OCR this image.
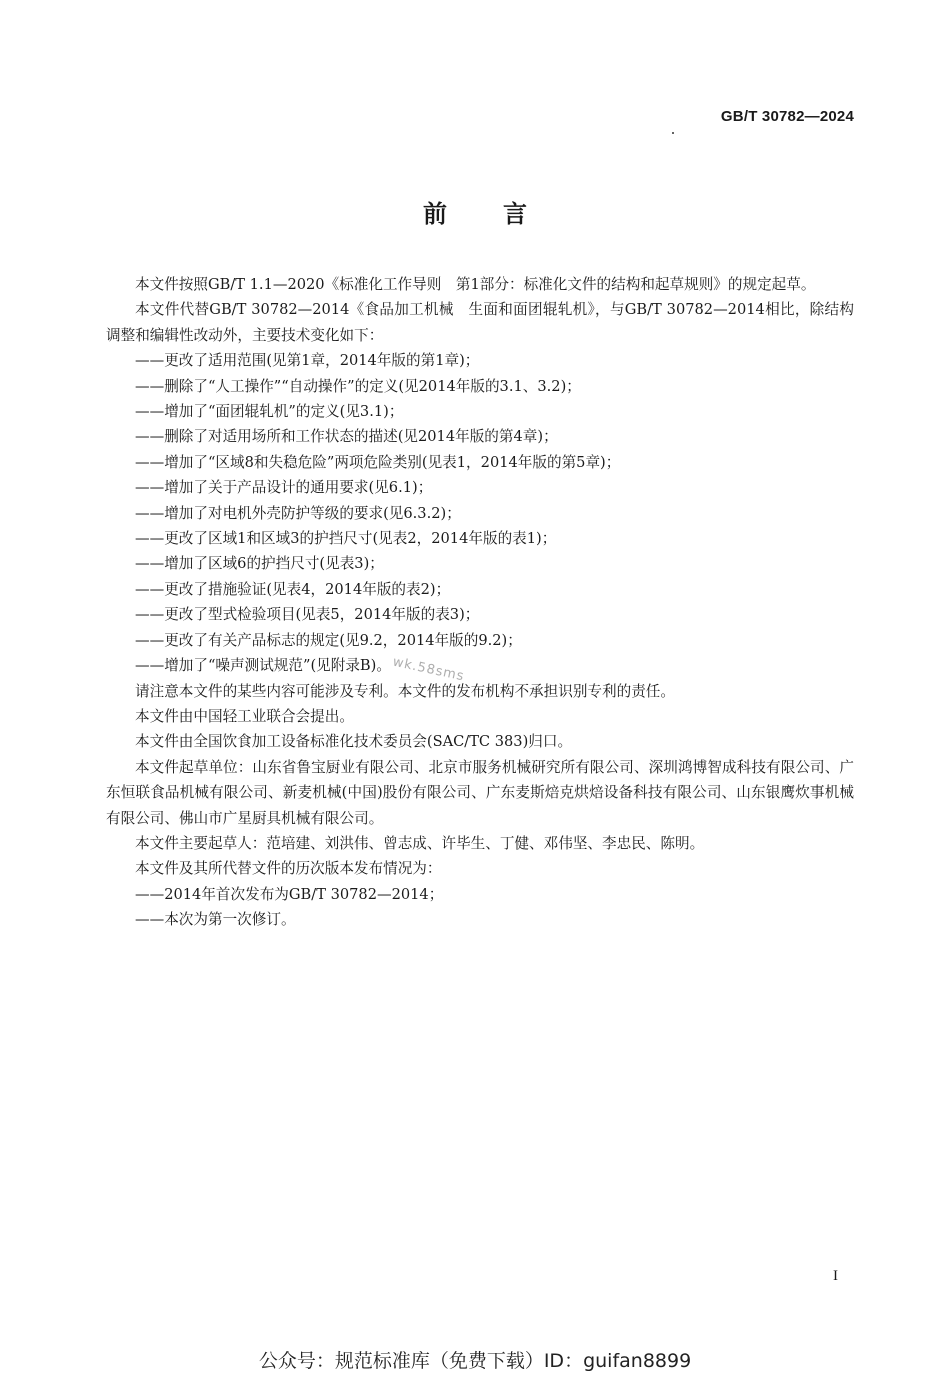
GB/T 30782—2024
前言

本文件按照GB/T 1.1—2020《标准化工作导则　第1部分：标准化文件的结构和起草规则》的规定起草。

本文件代替GB/T 30782—2014《食品加工机械　生面和面团辊轧机》，与GB/T 30782—2014相比，除结构调整和编辑性改动外，主要技术变化如下：

——更改了适用范围(见第1章，2014年版的第1章)；

——删除了“人工操作”“自动操作”的定义(见2014年版的3.1、3.2)；

——增加了“面团辊轧机”的定义(见3.1)；

——删除了对适用场所和工作状态的描述(见2014年版的第4章)；

——增加了“区域8和失稳危险”两项危险类别(见表1，2014年版的第5章)；

——增加了关于产品设计的通用要求(见6.1)；

——增加了对电机外壳防护等级的要求(见6.3.2)；

——更改了区域1和区域3的护挡尺寸(见表2，2014年版的表1)；

——增加了区域6的护挡尺寸(见表3)；

——更改了措施验证(见表4，2014年版的表2)；

——更改了型式检验项目(见表5，2014年版的表3)；

——更改了有关产品标志的规定(见9.2，2014年版的9.2)；

——增加了“噪声测试规范”(见附录B)。

请注意本文件的某些内容可能涉及专利。本文件的发布机构不承担识别专利的责任。

本文件由中国轻工业联合会提出。

本文件由全国饮食加工设备标准化技术委员会(SAC/TC 383)归口。

本文件起草单位：山东省鲁宝厨业有限公司、北京市服务机械研究所有限公司、深圳鸿博智成科技有限公司、广东恒联食品机械有限公司、新麦机械(中国)股份有限公司、广东麦斯焙克烘焙设备科技有限公司、山东银鹰炊事机械有限公司、佛山市广星厨具机械有限公司。

本文件主要起草人：范培建、刘洪伟、曾志成、许毕生、丁健、邓伟坚、李忠民、陈明。

本文件及其所代替文件的历次版本发布情况为：

——2014年首次发布为GB/T 30782—2014；

——本次为第一次修订。

wk.58sms
I
公众号：规范标准库（免费下载）ID：guifan8899
